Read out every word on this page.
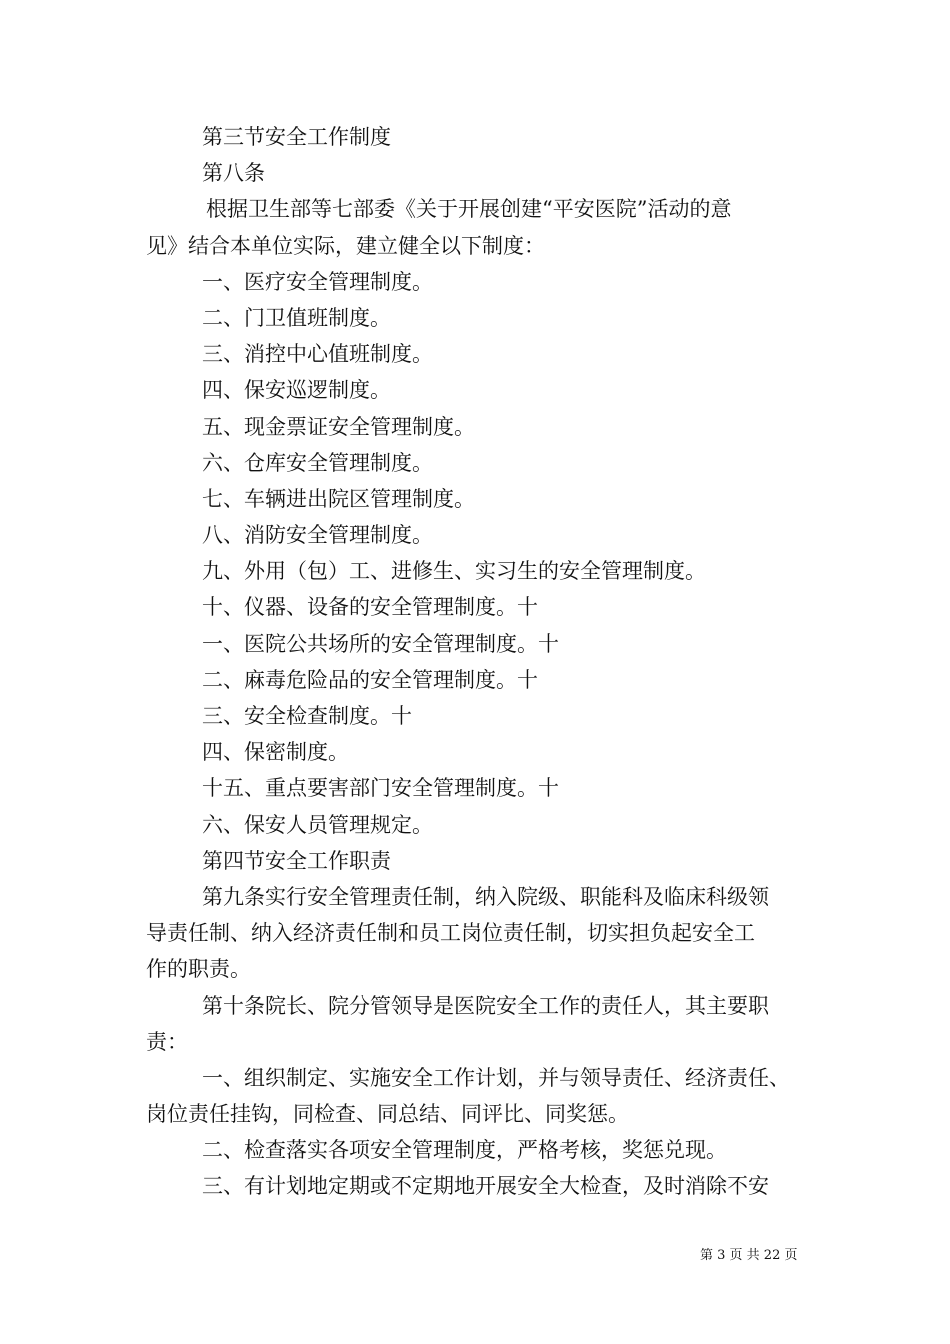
第三节安全工作制度
第八条
根据卫生部等七部委《关于开展创建“平安医院”活动的意
见》结合本单位实际，建立健全以下制度：
一、医疗安全管理制度。
二、门卫值班制度。
三、消控中心值班制度。
四、保安巡逻制度。
五、现金票证安全管理制度。
六、仓库安全管理制度。
七、车辆进出院区管理制度。
八、消防安全管理制度。
九、外用（包）工、进修生、实习生的安全管理制度。
十、仪器、设备的安全管理制度。十
一、医院公共场所的安全管理制度。十
二、麻毒危险品的安全管理制度。十
三、安全检查制度。十
四、保密制度。
十五、重点要害部门安全管理制度。十
六、保安人员管理规定。
第四节安全工作职责
第九条实行安全管理责任制，纳入院级、职能科及临床科级领
导责任制、纳入经济责任制和员工岗位责任制，切实担负起安全工
作的职责。
第十条院长、院分管领导是医院安全工作的责任人，其主要职
责：
一、组织制定、实施安全工作计划，并与领导责任、经济责任、
岗位责任挂钩，同检查、同总结、同评比、同奖惩。
二、检查落实各项安全管理制度，严格考核，奖惩兑现。
三、有计划地定期或不定期地开展安全大检查，及时消除不安
第 3 页 共 22 页
